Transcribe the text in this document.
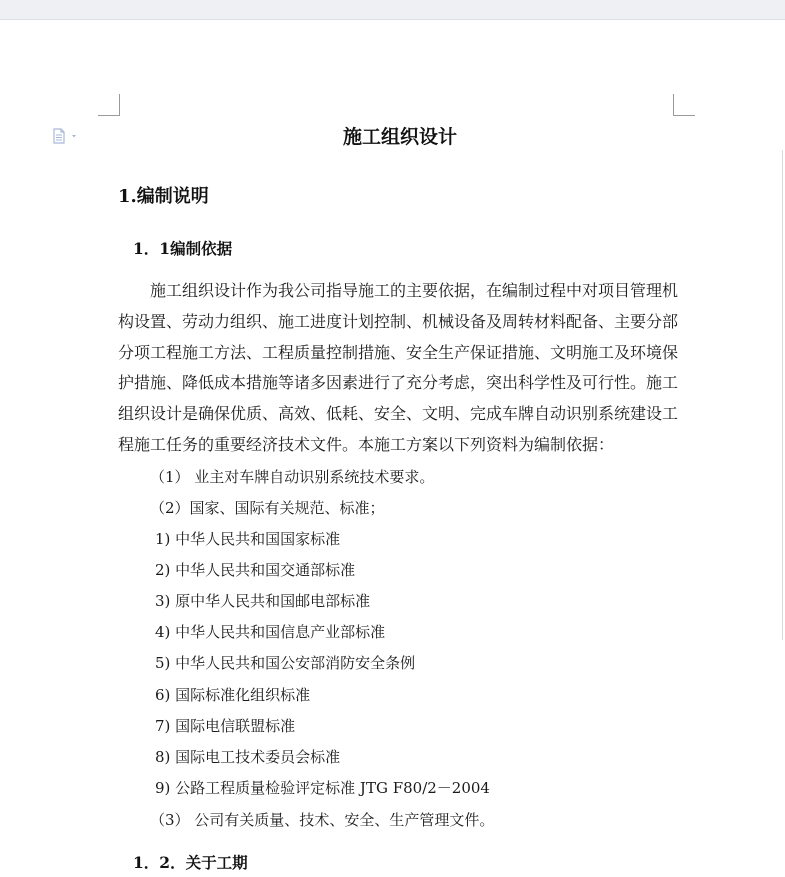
施工组织设计
1.编制说明
1．1编制依据
施工组织设计作为我公司指导施工的主要依据，在编制过程中对项目管理机
构设置、劳动力组织、施工进度计划控制、机械设备及周转材料配备、主要分部
分项工程施工方法、工程质量控制措施、安全生产保证措施、文明施工及环境保
护措施、降低成本措施等诸多因素进行了充分考虑，突出科学性及可行性。施工
组织设计是确保优质、高效、低耗、安全、文明、完成车牌自动识别系统建设工
程施工任务的重要经济技术文件。本施工方案以下列资料为编制依据：
（1） 业主对车牌自动识别系统技术要求。
（2）国家、国际有关规范、标准；
1) 中华人民共和国国家标准
2) 中华人民共和国交通部标准
3) 原中华人民共和国邮电部标准
4) 中华人民共和国信息产业部标准
5) 中华人民共和国公安部消防安全条例
6) 国际标准化组织标准
7) 国际电信联盟标准
8) 国际电工技术委员会标准
9) 公路工程质量检验评定标准 JTG F80/2－2004
（3） 公司有关质量、技术、安全、生产管理文件。
1．2．关于工期
